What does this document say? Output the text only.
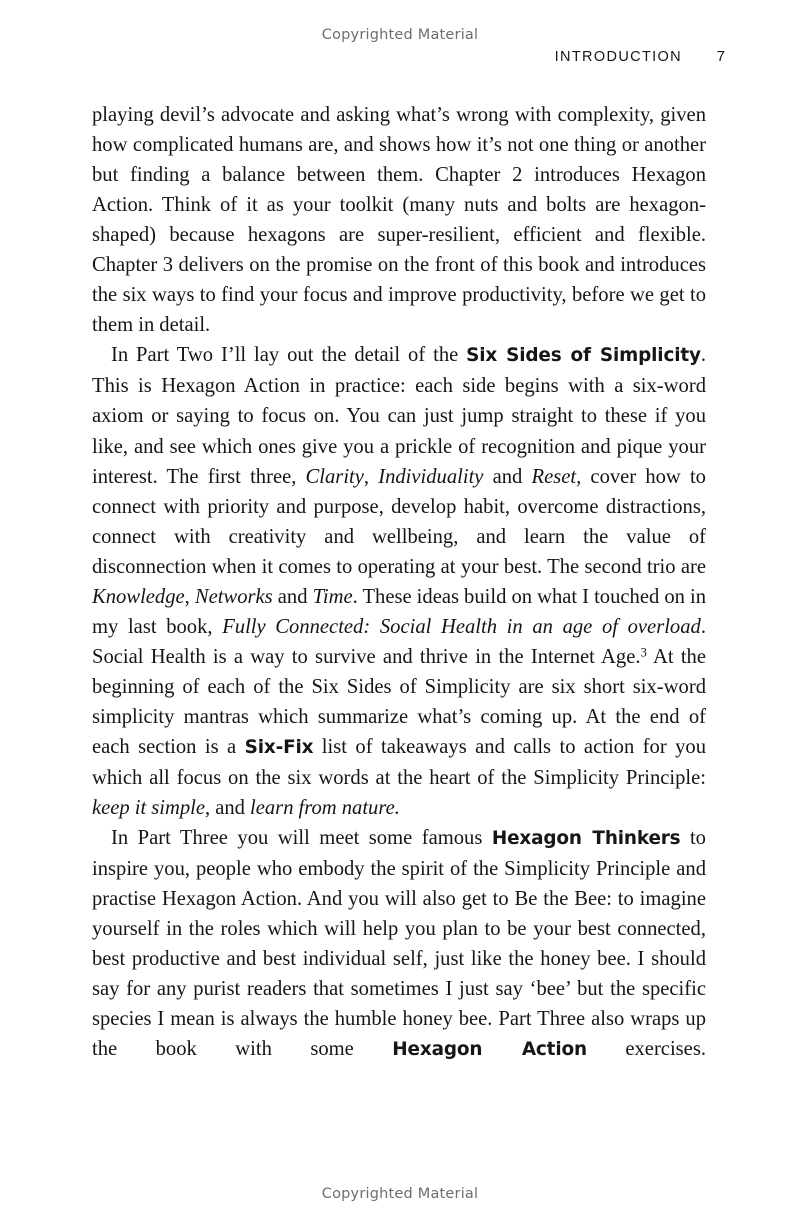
Copyrighted Material
INTRODUCTION 7

playing devil’s advocate and asking what’s wrong with complexity, given how complicated humans are, and shows how it’s not one thing or another but finding a balance between them. Chapter 2 introduces Hexagon Action. Think of it as your toolkit (many nuts and bolts are hexagon-shaped) because hexagons are super-resilient, efficient and flexible. Chapter 3 delivers on the promise on the front of this book and introduces the six ways to find your focus and improve productivity, before we get to them in detail.

In Part Two I’ll lay out the detail of the Six Sides of Simplicity. This is Hexagon Action in practice: each side begins with a six-word axiom or saying to focus on. You can just jump straight to these if you like, and see which ones give you a prickle of recognition and pique your interest. The first three, Clarity, Individuality and Reset, cover how to connect with priority and purpose, develop habit, overcome distractions, connect with creativity and wellbeing, and learn the value of disconnection when it comes to operating at your best. The second trio are Knowledge, Networks and Time. These ideas build on what I touched on in my last book, Fully Connected: Social Health in an age of overload. Social Health is a way to survive and thrive in the Internet Age.$^3$ At the beginning of each of the Six Sides of Simplicity are six short six-word simplicity mantras which summarize what’s coming up. At the end of each section is a Six-Fix list of takeaways and calls to action for you which all focus on the six words at the heart of the Simplicity Principle: keep it simple, and learn from nature.

In Part Three you will meet some famous Hexagon Thinkers to inspire you, people who embody the spirit of the Simplicity Principle and practise Hexagon Action. And you will also get to Be the Bee: to imagine yourself in the roles which will help you plan to be your best connected, best productive and best individual self, just like the honey bee. I should say for any purist readers that sometimes I just say ‘bee’ but the specific species I mean is always the humble honey bee. Part Three also wraps up the book with some Hexagon Action exercises.

Copyrighted Material
